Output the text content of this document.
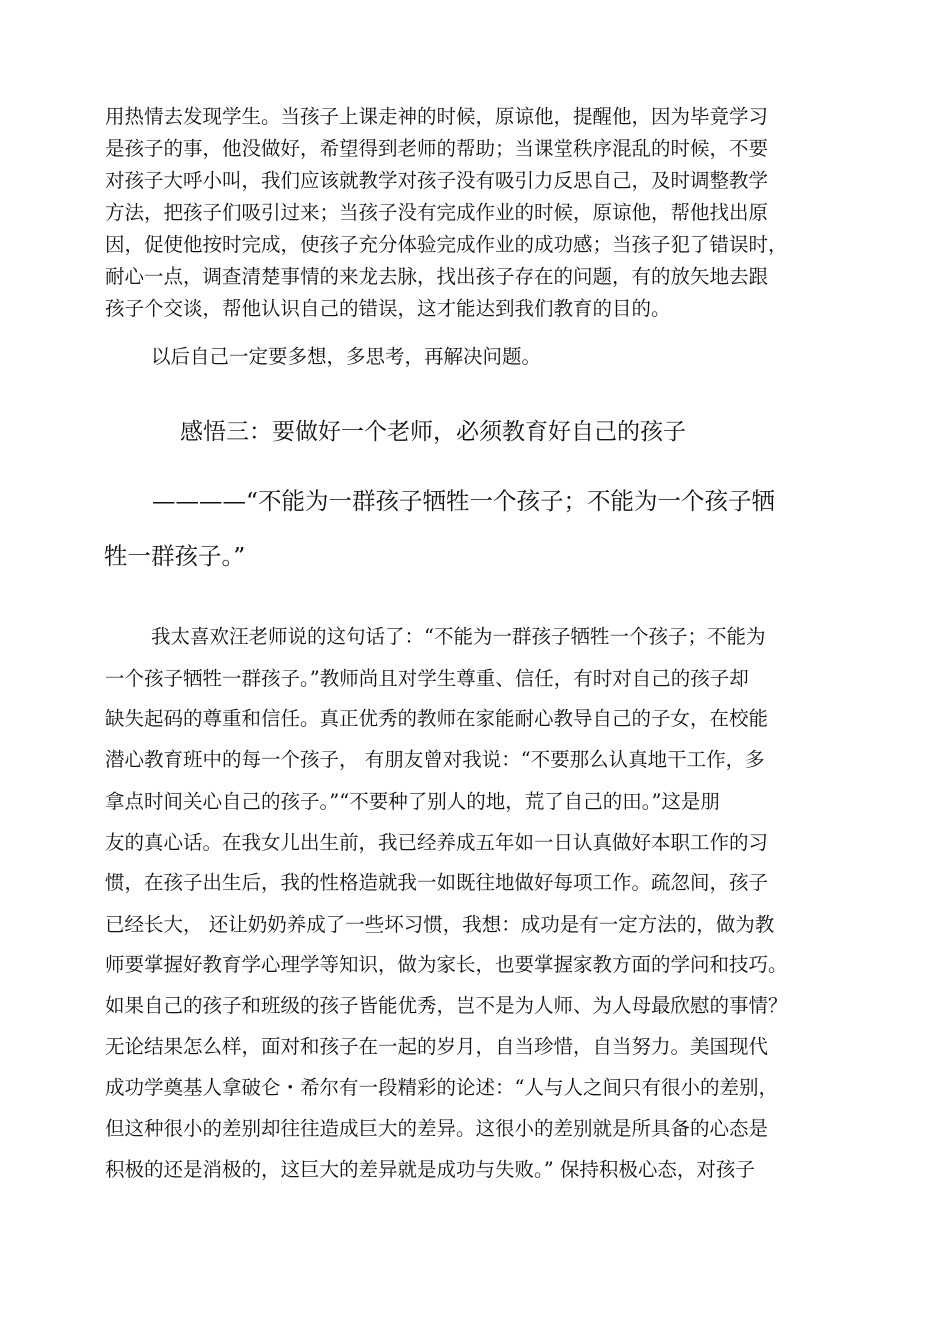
用热情去发现学生。当孩子上课走神的时候，原谅他，提醒他，因为毕竟学习
是孩子的事，他没做好，希望得到老师的帮助；当课堂秩序混乱的时候，不要
对孩子大呼小叫，我们应该就教学对孩子没有吸引力反思自己，及时调整教学
方法，把孩子们吸引过来；当孩子没有完成作业的时候，原谅他，帮他找出原
因，促使他按时完成，使孩子充分体验完成作业的成功感；当孩子犯了错误时，
耐心一点，调查清楚事情的来龙去脉，找出孩子存在的问题，有的放矢地去跟
孩子个交谈，帮他认识自己的错误，这才能达到我们教育的目的。
以后自己一定要多想，多思考，再解决问题。
感悟三：要做好一个老师，必须教育好自己的孩子
————“不能为一群孩子牺牲一个孩子；不能为一个孩子牺
牲一群孩子。”
我太喜欢汪老师说的这句话了：“不能为一群孩子牺牲一个孩子；不能为
一个孩子牺牲一群孩子。”教师尚且对学生尊重、信任，有时对自己的孩子却
缺失起码的尊重和信任。真正优秀的教师在家能耐心教导自己的子女，在校能
潜心教育班中的每一个孩子， 有朋友曾对我说：“不要那么认真地干工作，多
拿点时间关心自己的孩子。”“不要种了别人的地，荒了自己的田。”这是朋
友的真心话。在我女儿出生前，我已经养成五年如一日认真做好本职工作的习
惯，在孩子出生后，我的性格造就我一如既往地做好每项工作。疏忽间，孩子
已经长大， 还让奶奶养成了一些坏习惯，我想：成功是有一定方法的，做为教
师要掌握好教育学心理学等知识，做为家长，也要掌握家教方面的学问和技巧。
如果自己的孩子和班级的孩子皆能优秀，岂不是为人师、为人母最欣慰的事情？
无论结果怎么样，面对和孩子在一起的岁月，自当珍惜，自当努力。美国现代
成功学奠基人拿破仑・希尔有一段精彩的论述：“人与人之间只有很小的差别，
但这种很小的差别却往往造成巨大的差异。这很小的差别就是所具备的心态是
积极的还是消极的，这巨大的差异就是成功与失败。” 保持积极心态，对孩子
